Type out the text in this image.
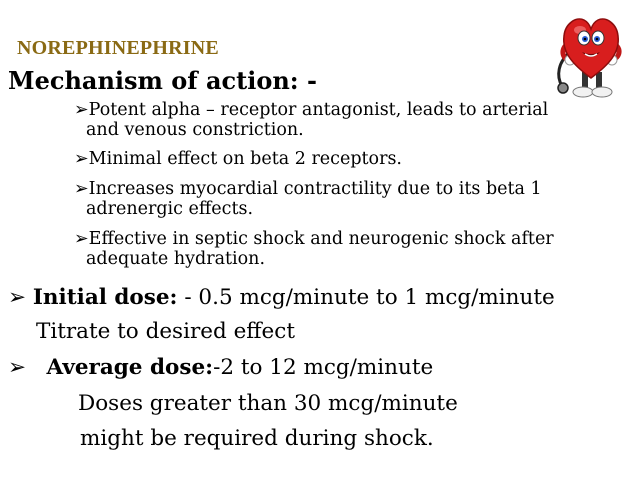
NOREPHINEPHRINE
Mechanism of action: -
➢Potent alpha – receptor antagonist, leads to arterial
and venous constriction.
➢Minimal effect on beta 2 receptors.
➢Increases myocardial contractility due to its beta 1
adrenergic effects.
➢Effective in septic shock and neurogenic shock after
adequate hydration.
➢ Initial dose: - 0.5 mcg/minute to 1 mcg/minute
Titrate to desired effect
➢ Average dose:-2 to 12 mcg/minute
Doses greater than 30 mcg/minute
might be required during shock.
